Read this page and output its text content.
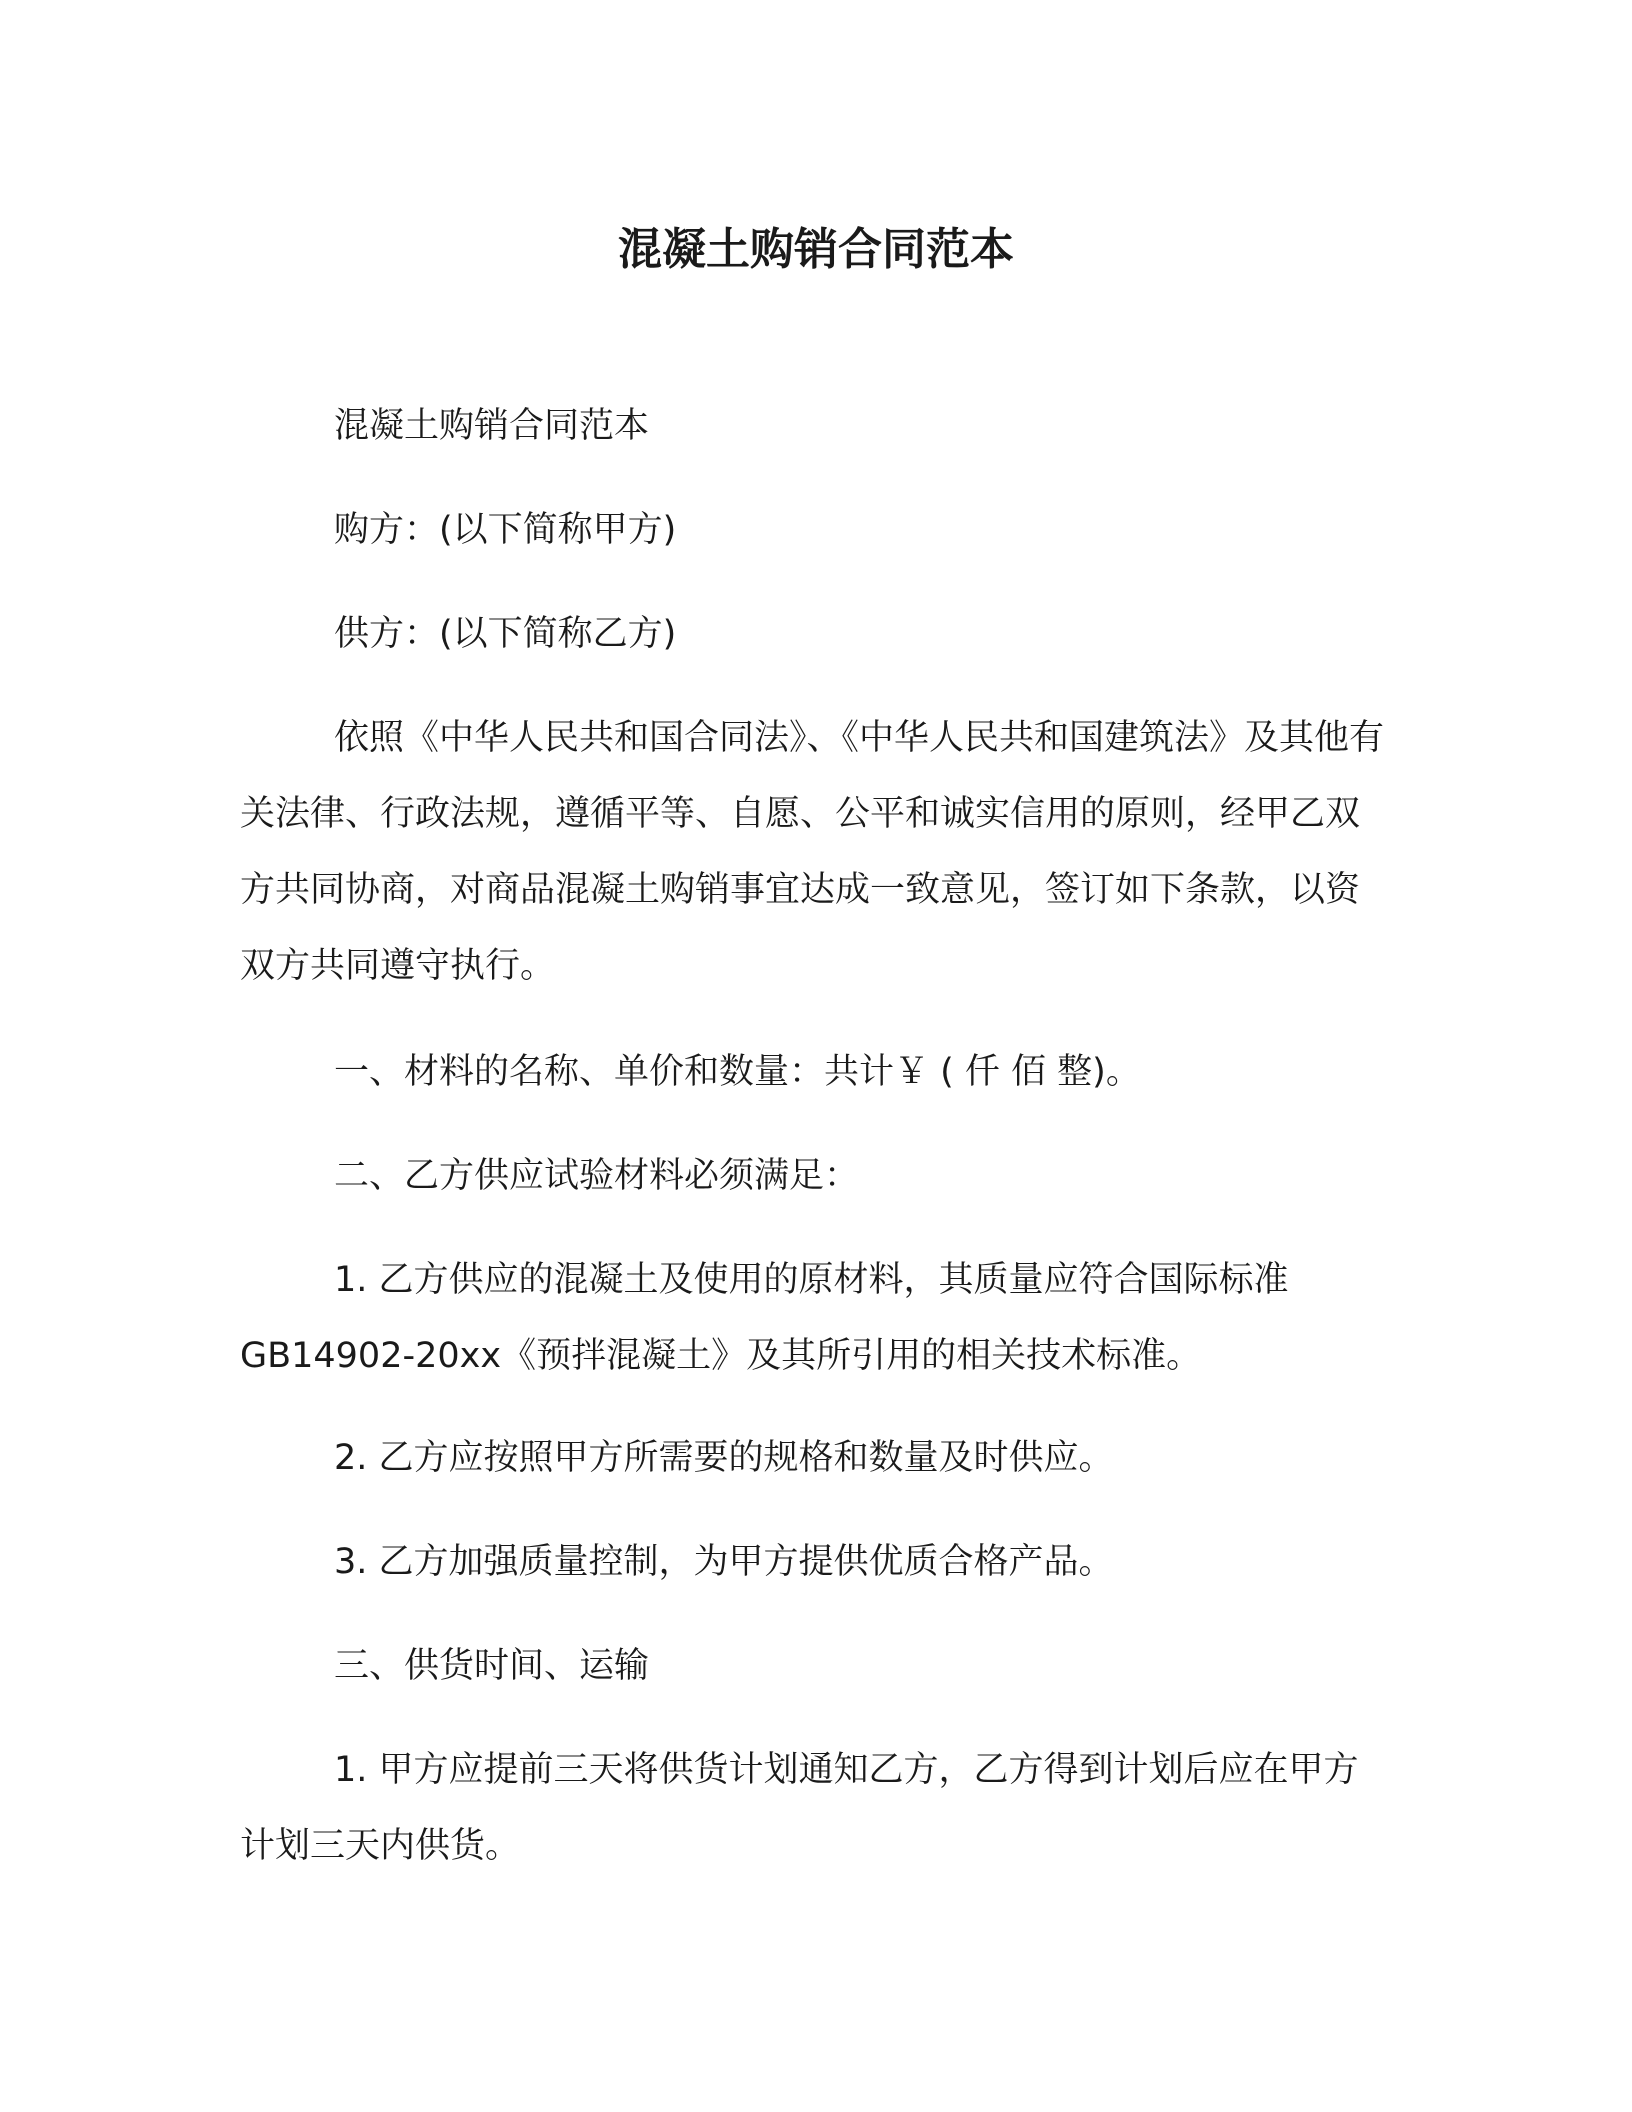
混凝土购销合同范本

混凝土购销合同范本

购方：(以下简称甲方)

供方：(以下简称乙方)

依照《中华人民共和国合同法》、《中华人民共和国建筑法》及其他有关法律、行政法规，遵循平等、自愿、公平和诚实信用的原则，经甲乙双方共同协商，对商品混凝土购销事宜达成一致意见，签订如下条款，以资双方共同遵守执行。

一、材料的名称、单价和数量：共计￥ ( 仟 佰 整)。

二、乙方供应试验材料必须满足：

1. 乙方供应的混凝土及使用的原材料，其质量应符合国际标准GB14902-20xx《预拌混凝土》及其所引用的相关技术标准。

2. 乙方应按照甲方所需要的规格和数量及时供应。

3. 乙方加强质量控制，为甲方提供优质合格产品。

三、供货时间、运输

1. 甲方应提前三天将供货计划通知乙方，乙方得到计划后应在甲方计划三天内供货。
